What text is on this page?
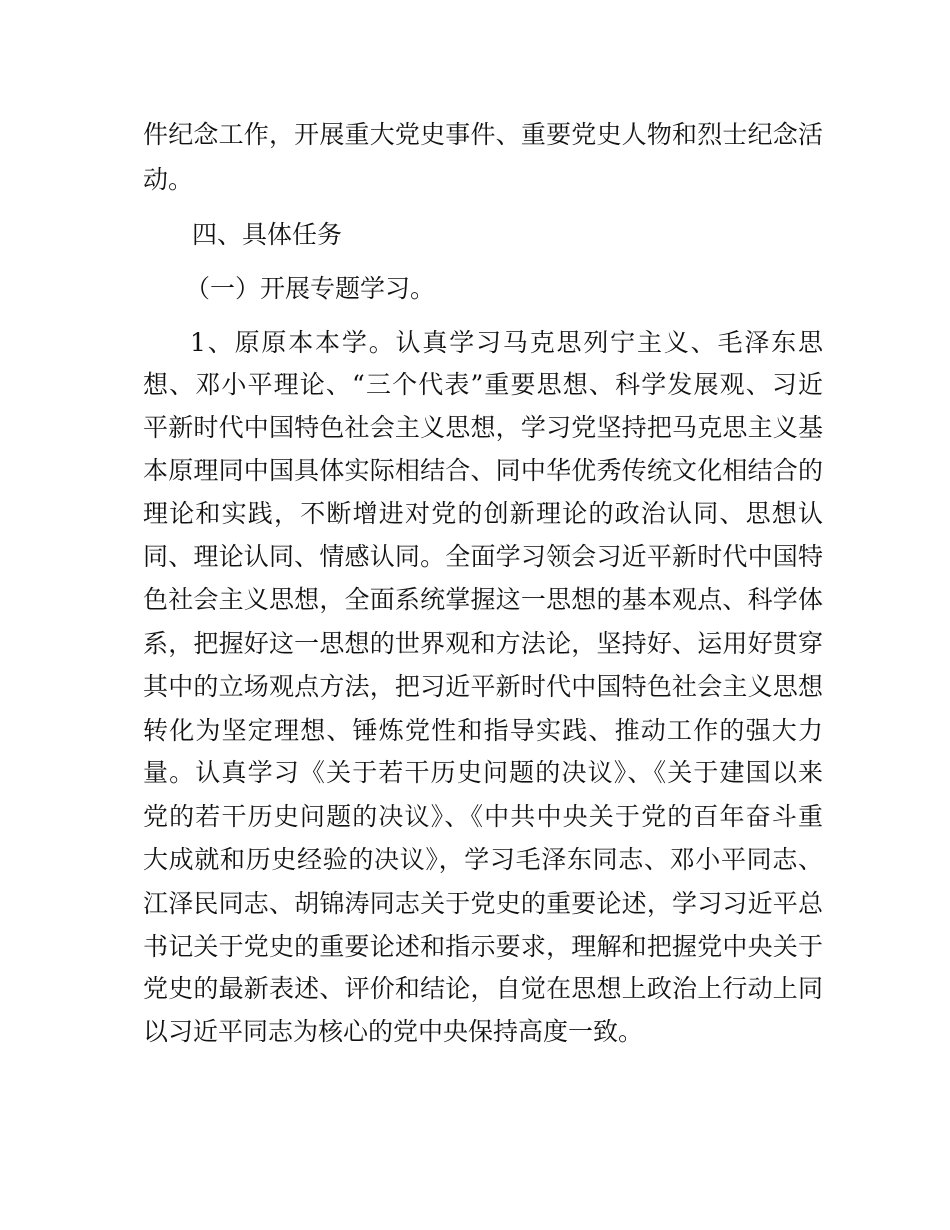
件纪念工作，开展重大党史事件、重要党史人物和烈士纪念活

动。

四、具体任务

（一）开展专题学习。

1、原原本本学。认真学习马克思列宁主义、毛泽东思

想、邓小平理论、“三个代表”重要思想、科学发展观、习近

平新时代中国特色社会主义思想，学习党坚持把马克思主义基

本原理同中国具体实际相结合、同中华优秀传统文化相结合的

理论和实践，不断增进对党的创新理论的政治认同、思想认

同、理论认同、情感认同。全面学习领会习近平新时代中国特

色社会主义思想，全面系统掌握这一思想的基本观点、科学体

系，把握好这一思想的世界观和方法论，坚持好、运用好贯穿

其中的立场观点方法，把习近平新时代中国特色社会主义思想

转化为坚定理想、锤炼党性和指导实践、推动工作的强大力

量。认真学习《关于若干历史问题的决议》、《关于建国以来

党的若干历史问题的决议》、《中共中央关于党的百年奋斗重

大成就和历史经验的决议》，学习毛泽东同志、邓小平同志、

江泽民同志、胡锦涛同志关于党史的重要论述，学习习近平总

书记关于党史的重要论述和指示要求，理解和把握党中央关于

党史的最新表述、评价和结论，自觉在思想上政治上行动上同

以习近平同志为核心的党中央保持高度一致。
